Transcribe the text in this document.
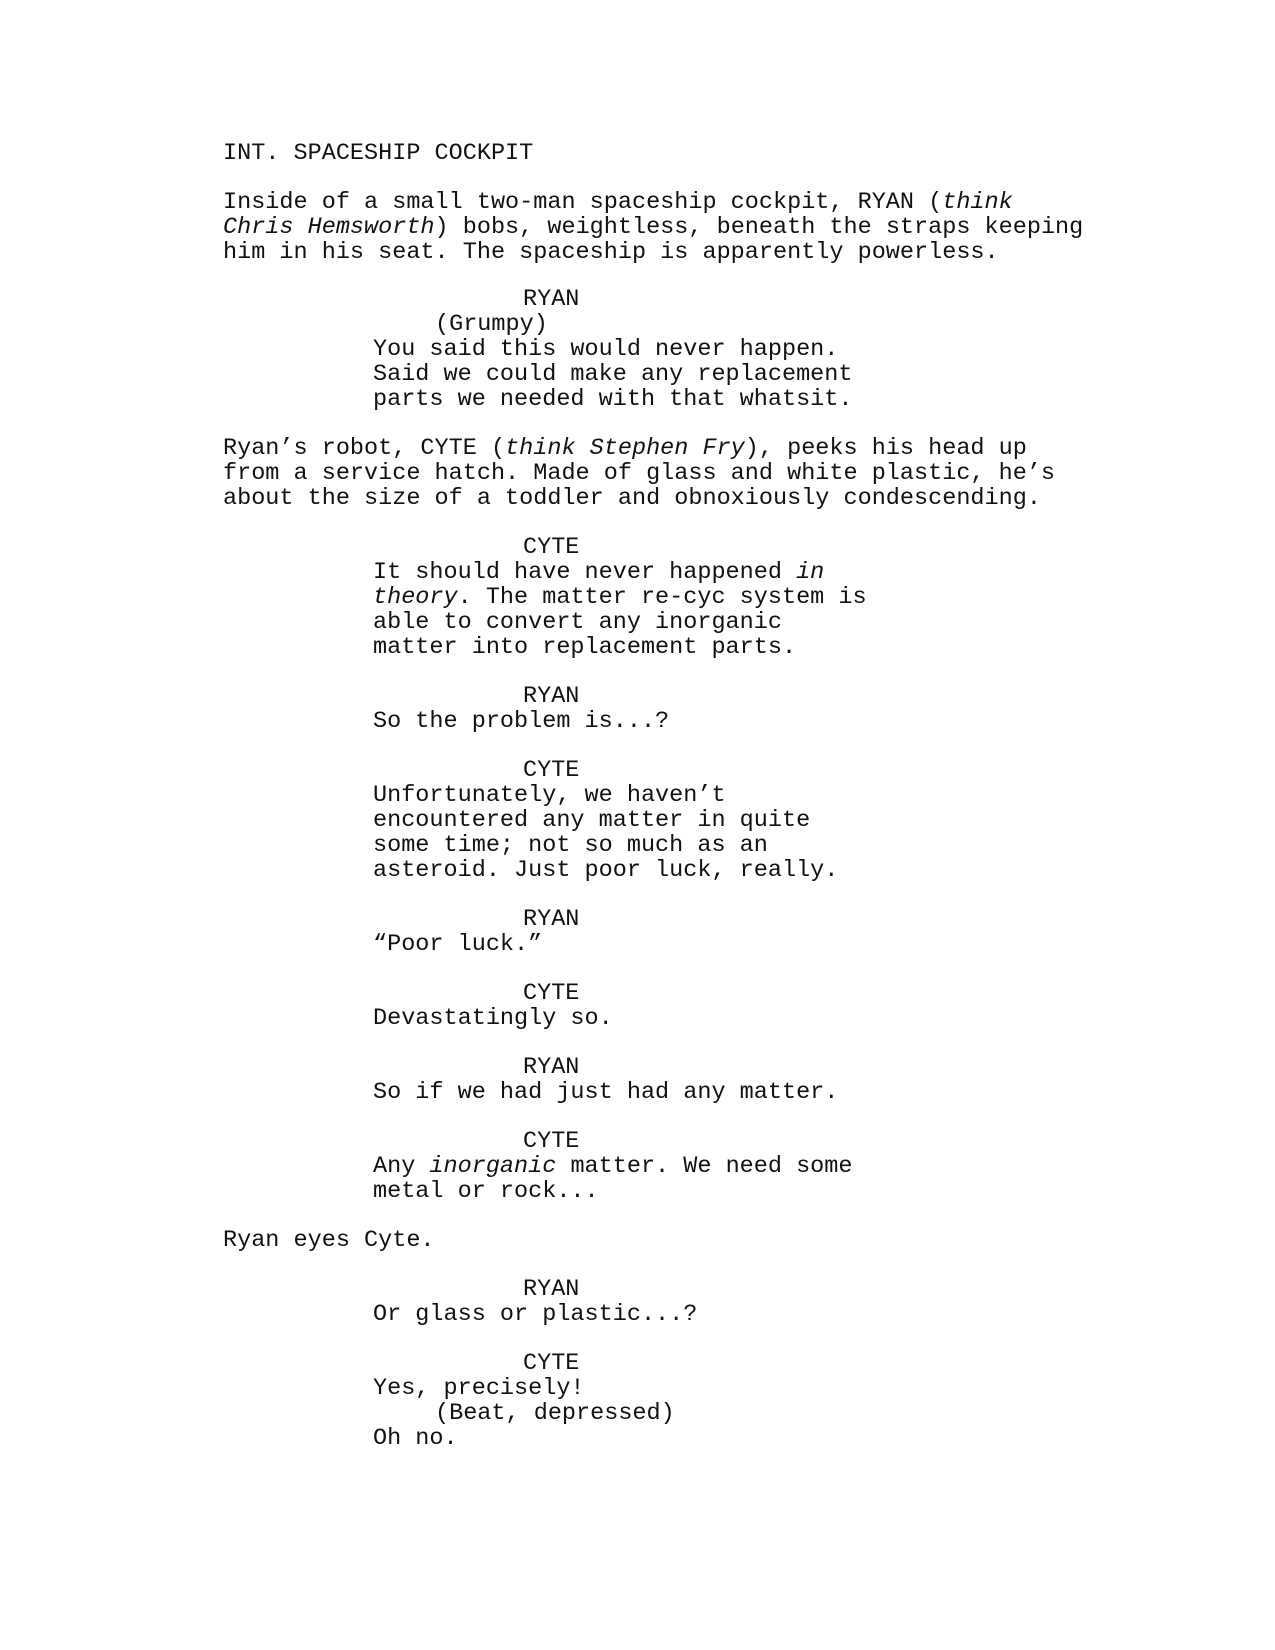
INT. SPACESHIP COCKPIT
Inside of a small two-man spaceship cockpit, RYAN (think
Chris Hemsworth) bobs, weightless, beneath the straps keeping
him in his seat. The spaceship is apparently powerless.
RYAN
(Grumpy)
You said this would never happen.
Said we could make any replacement
parts we needed with that whatsit.
Ryan’s robot, CYTE (think Stephen Fry), peeks his head up
from a service hatch. Made of glass and white plastic, he’s
about the size of a toddler and obnoxiously condescending.
CYTE
It should have never happened in
theory. The matter re-cyc system is
able to convert any inorganic
matter into replacement parts.
RYAN
So the problem is...?
CYTE
Unfortunately, we haven’t
encountered any matter in quite
some time; not so much as an
asteroid. Just poor luck, really.
RYAN
“Poor luck.”
CYTE
Devastatingly so.
RYAN
So if we had just had any matter.
CYTE
Any inorganic matter. We need some
metal or rock...
Ryan eyes Cyte.
RYAN
Or glass or plastic...?
CYTE
Yes, precisely!
(Beat, depressed)
Oh no.
